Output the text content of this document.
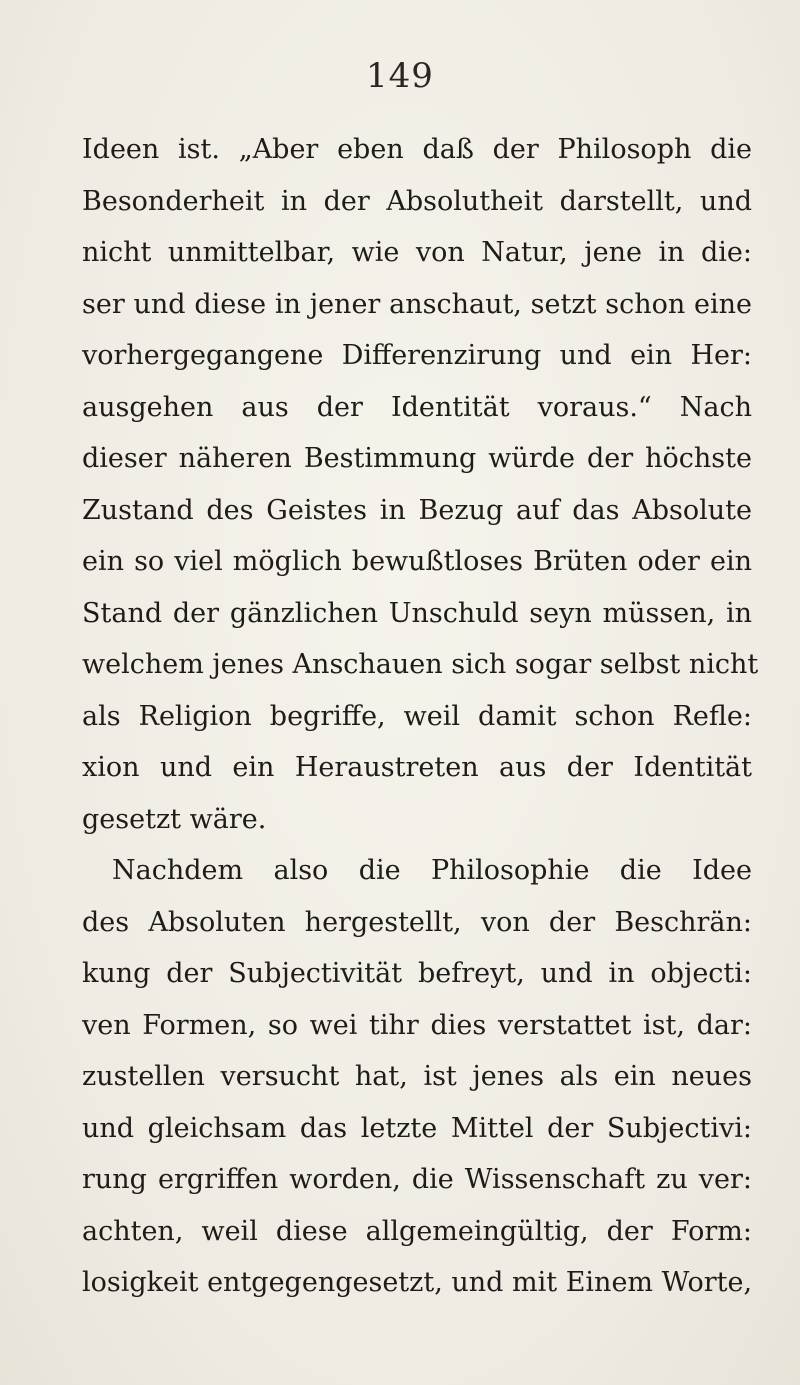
149
Ideen ist. „Aber eben daß der Philosoph die
Besonderheit in der Absolutheit darstellt, und
nicht unmittelbar, wie von Natur, jene in die:
ser und diese in jener anschaut, setzt schon eine
vorhergegangene Differenzirung und ein Her:
ausgehen aus der Identität voraus.“ Nach
dieser näheren Bestimmung würde der höchste
Zustand des Geistes in Bezug auf das Absolute
ein so viel möglich bewußtloses Brüten oder ein
Stand der gänzlichen Unschuld seyn müssen, in
welchem jenes Anschauen sich sogar selbst nicht
als Religion begriffe, weil damit schon Refle:
xion und ein Heraustreten aus der Identität
gesetzt wäre.
Nachdem also die Philosophie die Idee
des Absoluten hergestellt, von der Beschrän:
kung der Subjectivität befreyt, und in objecti:
ven Formen, so wei tihr dies verstattet ist, dar:
zustellen versucht hat, ist jenes als ein neues
und gleichsam das letzte Mittel der Subjectivi:
rung ergriffen worden, die Wissenschaft zu ver:
achten, weil diese allgemeingültig, der Form:
losigkeit entgegengesetzt, und mit Einem Worte,
